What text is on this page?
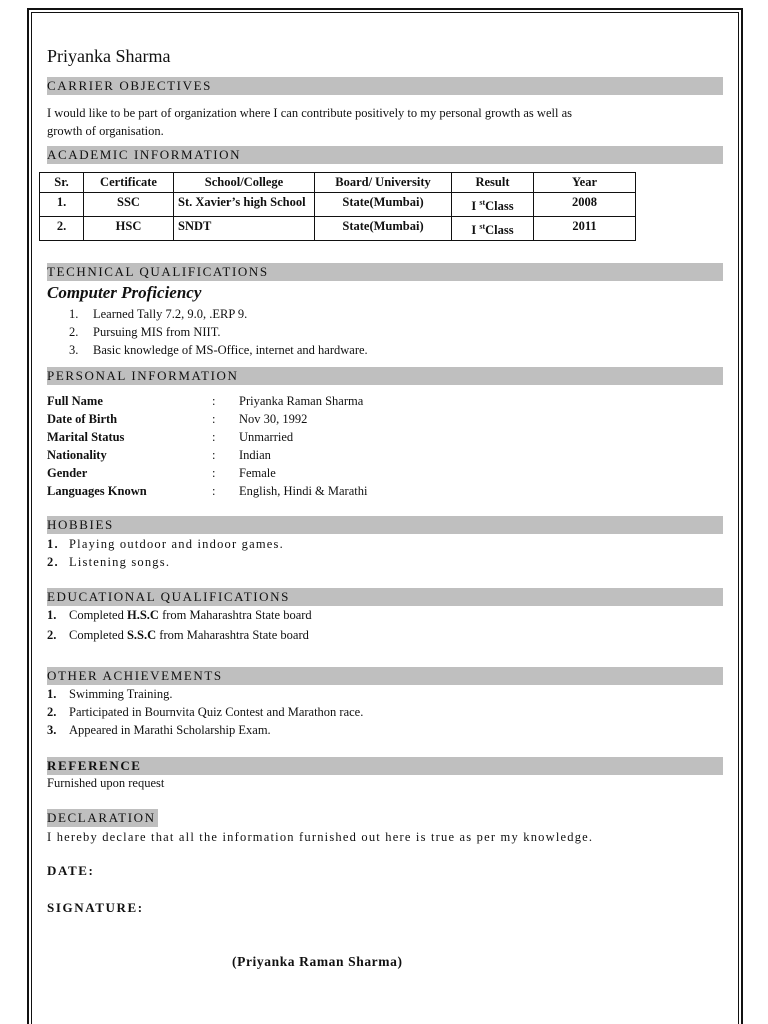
Priyanka Sharma
CARRIER OBJECTIVES
I would like to be part of organization where I can contribute positively to my personal growth as well as
growth of organisation.
ACADEMIC INFORMATION
Sr.	Certificate	School/College	Board/ University	Result	Year
1.	SSC	St. Xavier’s high School	State(Mumbai)	I $^{st}$Class	2008
2.	HSC	SNDT	State(Mumbai)	I $^{st}$Class	2011
TECHNICAL QUALIFICATIONS
Computer Proficiency
1. Learned Tally 7.2, 9.0, .ERP 9.
2. Pursuing MIS from NIIT.
3. Basic knowledge of MS-Office, internet and hardware.
PERSONAL INFORMATION
Full Name	: Priyanka Raman Sharma
Date of Birth	: Nov 30, 1992
Marital Status	: Unmarried
Nationality	: Indian
Gender	: Female
Languages Known	: English, Hindi & Marathi
HOBBIES
1. Playing outdoor and indoor games.
2. Listening songs.
EDUCATIONAL QUALIFICATIONS
1. Completed H.S.C from Maharashtra State board
2. Completed S.S.C from Maharashtra State board
OTHER ACHIEVEMENTS
1. Swimming Training.
2. Participated in Bournvita Quiz Contest and Marathon race.
3. Appeared in Marathi Scholarship Exam.
REFERENCE
Furnished upon request
DECLARATION
I hereby declare that all the information furnished out here is true as per my knowledge.
DATE:
SIGNATURE:
(Priyanka Raman Sharma)
